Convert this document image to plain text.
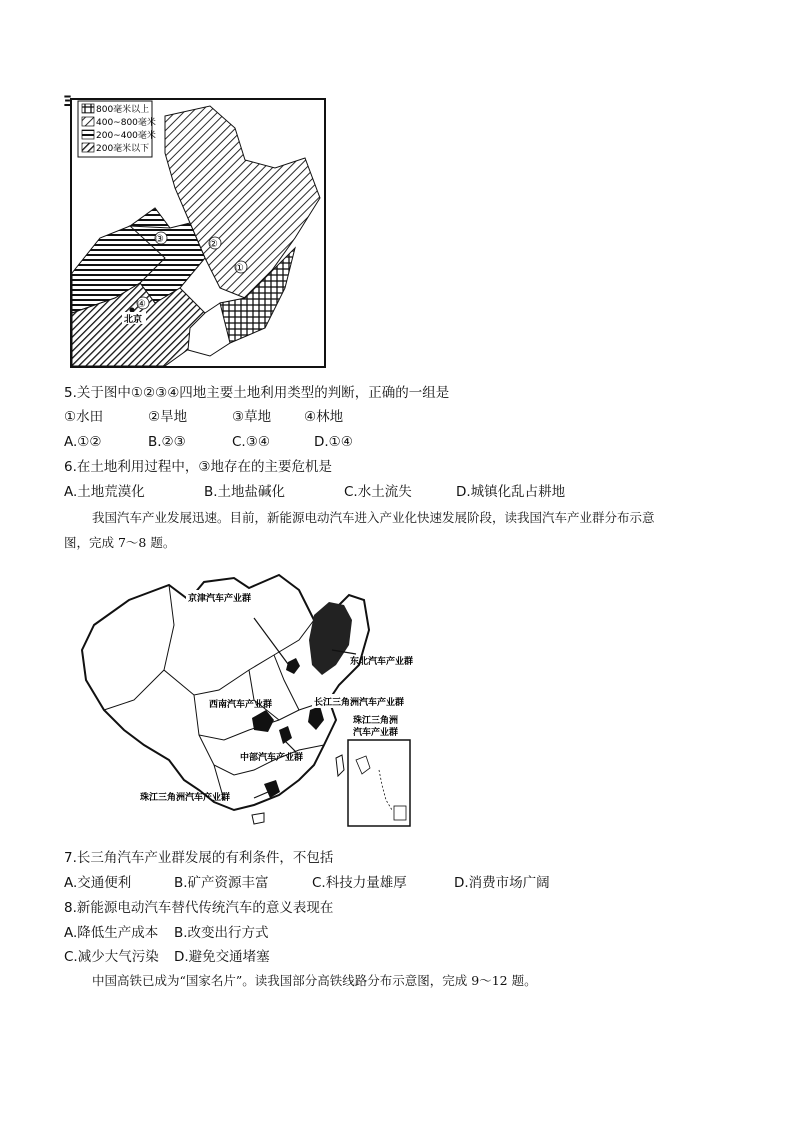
800毫米以上
400~800毫米
200~400毫米
200毫米以下
③	②
①
④
北京
Ξ
5.关于图中①②③④四地主要土地利用类型的判断，正确的一组是
①水田	②旱地	③草地 ④林地
A.①②	B.②③	C.③④	D.①④
6.在土地利用过程中，③地存在的主要危机是
A.土地荒漠化	B.土地盐碱化	C.水土流失	D.城镇化乱占耕地
我国汽车产业发展迅速。目前，新能源电动汽车进入产业化快速发展阶段，读我国汽车产业群分布示意
图，完成 7～8 题。
京津汽车产业群
东北汽车产业群
西南汽车产业群	长江三角洲汽车产业群
中部汽车产业群
珠江三角洲汽车产业群
珠江三角洲
汽车产业群
7.长三角汽车产业群发展的有利条件，不包括
A.交通便利	B.矿产资源丰富	C.科技力量雄厚	D.消费市场广阔
8.新能源电动汽车替代传统汽车的意义表现在
A.降低生产成本 B.改变出行方式
C.减少大气污染 D.避免交通堵塞
中国高铁已成为“国家名片”。读我国部分高铁线路分布示意图，完成 9～12 题。
